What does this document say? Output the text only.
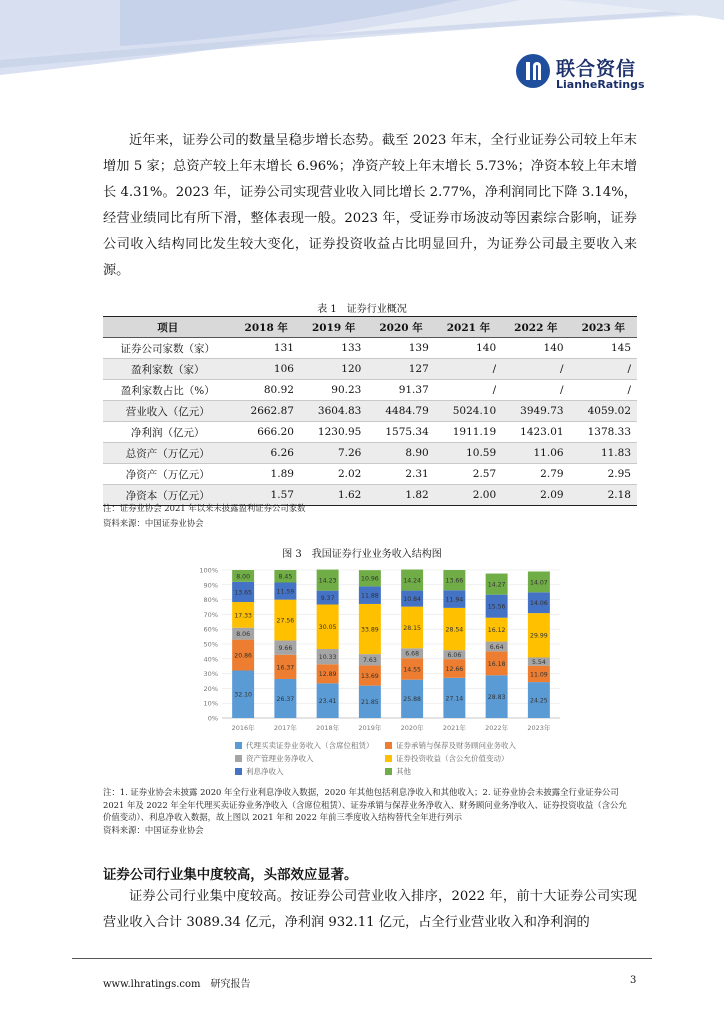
联合资信
LianheRatings

近年来，证券公司的数量呈稳步增长态势。截至 2023 年末，全行业证券公司较上年末增加 5 家；总资产较上年末增长 6.96%；净资产较上年末增长 5.73%；净资本较上年末增长 4.31%。2023 年，证券公司实现营业收入同比增长 2.77%，净利润同比下降 3.14%，经营业绩同比有所下滑，整体表现一般。2023 年，受证券市场波动等因素综合影响，证券公司收入结构同比发生较大变化，证券投资收益占比明显回升，为证券公司最主要收入来源。

表 1　证券行业概况
项目	2018 年	2019 年	2020 年	2021 年	2022 年	2023 年
证券公司家数（家）	131	133	139	140	140	145
盈利家数（家）	106	120	127	/	/	/
盈利家数占比（%）	80.92	90.23	91.37	/	/	/
营业收入（亿元）	2662.87	3604.83	4484.79	5024.10	3949.73	4059.02
净利润（亿元）	666.20	1230.95	1575.34	1911.19	1423.01	1378.33
总资产（万亿元）	6.26	7.26	8.90	10.59	11.06	11.83
净资产（万亿元）	1.89	2.02	2.31	2.57	2.79	2.95
净资本（万亿元）	1.57	1.62	1.82	2.00	2.09	2.18
注：证券业协会 2021 年以来未披露盈利证券公司家数
资料来源：中国证券业协会
图 3　我国证券行业业务收入结构图
0%
10%
20%
30%
40%
50%
60%
70%
80%
90%
100%
32.10
20.86
8.06
17.33
13.65
8.00
2016年
26.37
16.37
9.66
27.56
11.59
8.45
2017年
23.41
12.89
10.33
30.05
9.37
14.23
2018年
21.85
13.69
7.63
33.89
11.88
10.96
2019年
25.88
14.55
6.68
28.15
10.84
14.24
2020年
27.14
12.66
6.06
28.54
11.94
13.66
2021年
28.83
16.18
6.64
16.12
15.56
14.27
2022年
24.25
11.09
5.54
29.99
14.06
14.07
2023年
代理买卖证券业务收入（含席位租赁）	证券承销与保荐及财务顾问业务收入
资产管理业务净收入	证券投资收益（含公允价值变动）
利息净收入	其他

注：1. 证券业协会未披露 2020 年全行业利息净收入数据，2020 年其他包括利息净收入和其他收入；2. 证券业协会未披露全行业证券公司 2021 年及 2022 年全年代理买卖证券业务净收入（含席位租赁）、证券承销与保荐业务净收入、财务顾问业务净收入、证券投资收益（含公允价值变动）、利息净收入数据，故上图以 2021 年和 2022 年前三季度收入结构替代全年进行列示
资料来源：中国证券业协会

证券公司行业集中度较高，头部效应显著。

证券公司行业集中度较高。按证券公司营业收入排序，2022 年，前十大证券公司实现营业收入合计 3089.34 亿元，净利润 932.11 亿元，占全行业营业收入和净利润的

www.lhratings.com　研究报告	3
